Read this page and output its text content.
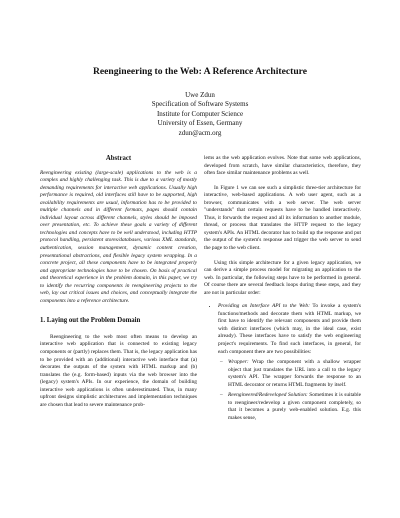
Reengineering to the Web: A Reference Architecture
Uwe Zdun
Specification of Software Systems
Institute for Computer Science
University of Essen, Germany
zdun@acm.org
Abstract
Reengineering existing (large-scale) applications to the web is a complex and highly challenging task. This is due to a variety of mostly demanding requirements for interactive web applications. Usually high performance is required, old interfaces still have to be supported, high availability requirements are usual, information has to be provided to multiple channels and in different formats, pages should contain individual layout across different channels, styles should be imposed over presentation, etc. To achieve these goals a variety of different technologies and concepts have to be well understood, including HTTP protocol handling, persistent stores/databases, various XML standards, authentication, session management, dynamic content creation, presentational abstractions, and flexible legacy system wrapping. In a concrete project, all these components have to be integrated properly and appropriate technologies have to be chosen. On basis of practical and theoretical experience in the problem domain, in this paper, we try to identify the recurring components in reengineering projects to the web, lay out critical issues and choices, and conceptually integrate the components into a reference architecture.
1. Laying out the Problem Domain

Reengineering to the web most often means to develop an interactive web application that is connected to existing legacy components or (partly) replaces them. That is, the legacy application has to be provided with an (additional) interactive web interface that (a) decorates the outputs of the system with HTML markup and (b) translates the (e.g. form-based) inputs via the web browser into the (legacy) system's APIs. In our experience, the domain of building interactive web applications is often underestimated. Thus, in many upfront designs simplistic architectures and implementation techniques are chosen that lead to severe maintenance prob-

lems as the web application evolves. Note that some web applications, developed from scratch, have similar characteristics, therefore, they often face similar maintenance problems as well.

In Figure 1 we can see such a simplistic three-tier architecture for interactive, web-based applications. A web user agent, such as a browser, communicates with a web server. The web server "understands" that certain requests have to be handled interactively. Thus, it forwards the request and all its information to another module, thread, or process that translates the HTTP request to the legacy system's APIs. An HTML decorator has to build up the response and put the output of the system's response and trigger the web server to send the page to the web client.

Using this simple architecture for a given legacy application, we can derive a simple process model for migrating an application to the web. In particular, the following steps have to be performed in general. Of course there are several feedback loops during these steps, and they are not in particular order:

• Providing an Interface API to the Web: To invoke a system's functions/methods and decorate them with HTML markup, we first have to identify the relevant components and provide them with distinct interfaces (which may, in the ideal case, exist already). These interfaces have to satisfy the web engineering project's requirements. To find such interfaces, in general, for each component there are two possibilities:
– Wrapper: Wrap the component with a shallow wrapper object that just translates the URL into a call to the legacy system's API. The wrapper forwards the response to an HTML decorator or returns HTML fragments by itself.
– Reengineered/Redeveloped Solution: Sometimes it is suitable to reengineer/redevelop a given component completely, so that it becomes a purely web-enabled solution. E.g. this makes sense,
